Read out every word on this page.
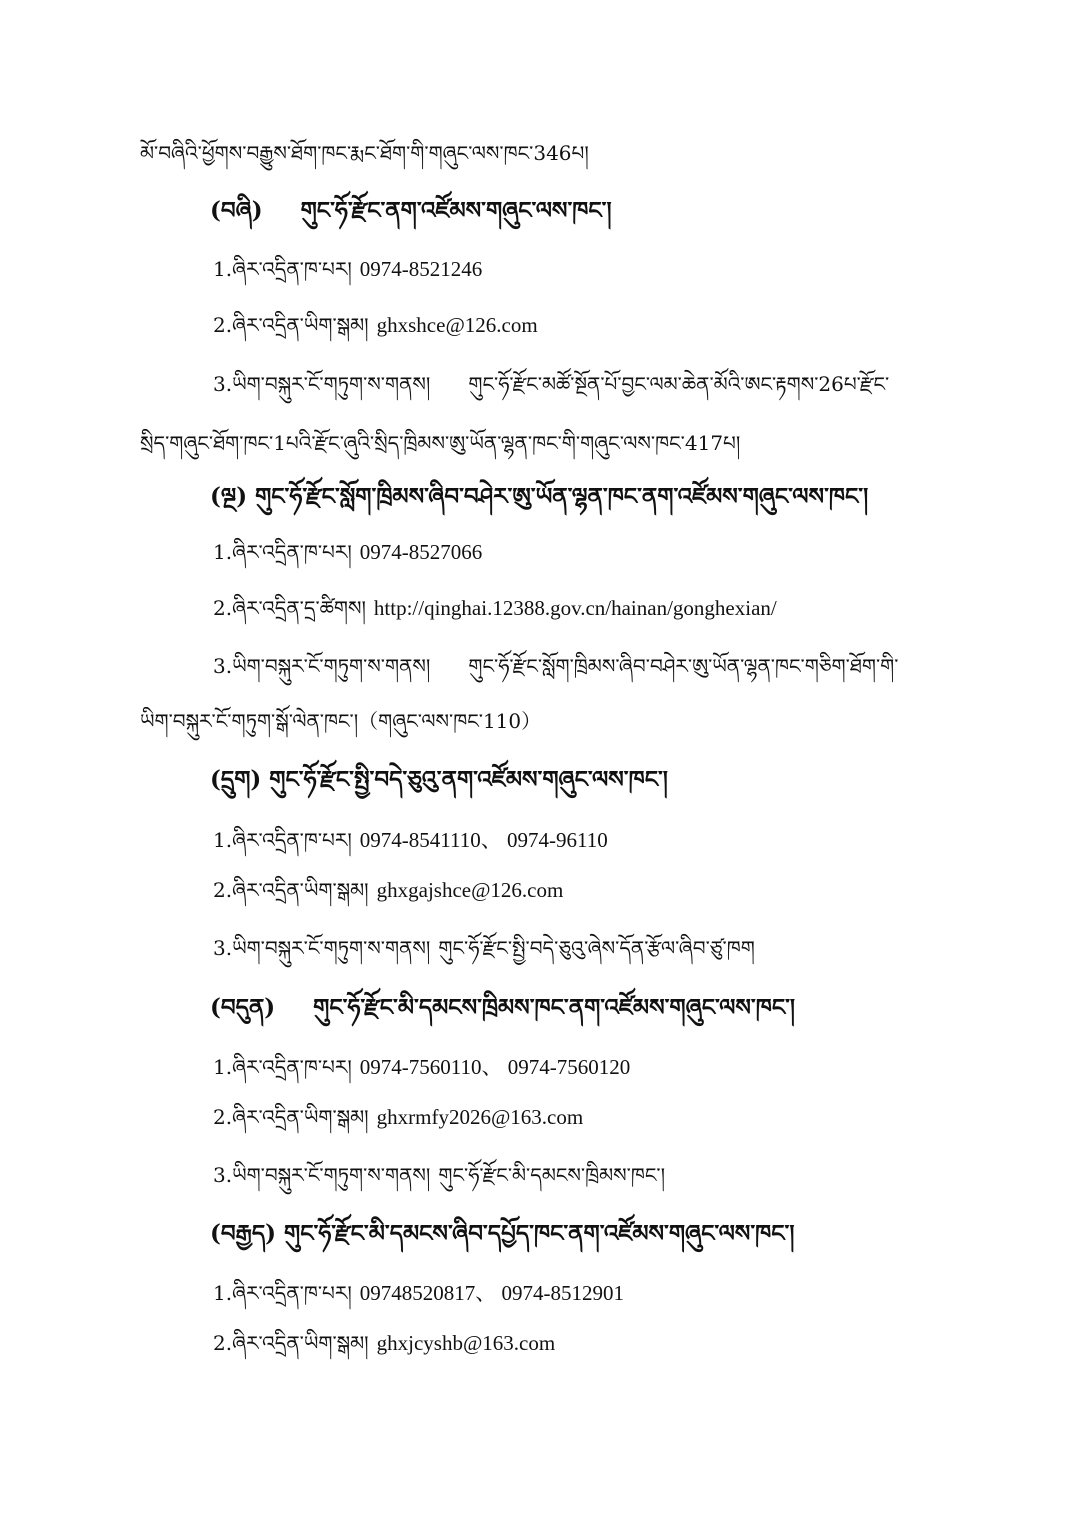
མོ་བཞིའི་ཕྱོགས་བརྒྱུས་ཐོག་ཁང་རྨང་ཐོག་གི་གཞུང་ལས་ཁང་346པ།
(བཞི) གུང་ཧོ་རྫོང་ནག་འཛོམས་གཞུང་ལས་ཁང་།
1.ཞིར་འདྲིན་ཁ་པར། 0974-8521246
2.ཞིར་འདྲིན་ཡིག་སྒམ། ghxshce@126.com
3.ཡིག་བསྐུར་ངོ་གཏུག་ས་གནས། གུང་ཧོ་རྫོང་མཚོ་སྔོན་པོ་བྱང་ལམ་ཆེན་མོའི་ཨང་རྟགས་26པ་རྫོང་
སྲིད་གཞུང་ཐོག་ཁང་1པའི་རྫོང་ཞུའི་སྲིད་ཁྲིམས་ཨུ་ཡོན་ལྷན་ཁང་གི་གཞུང་ལས་ཁང་417པ།
(ལྔ) གུང་ཧོ་རྫོང་སློག་ཁྲིམས་ཞིབ་བཤེར་ཨུ་ཡོན་ལྷན་ཁང་ནག་འཛོམས་གཞུང་ལས་ཁང་།
1.ཞིར་འདྲིན་ཁ་པར། 0974-8527066
2.ཞིར་འདྲིན་དྲ་ཚིགས། http://qinghai.12388.gov.cn/hainan/gonghexian/
3.ཡིག་བསྐུར་ངོ་གཏུག་ས་གནས། གུང་ཧོ་རྫོང་སློག་ཁྲིམས་ཞིབ་བཤེར་ཨུ་ཡོན་ལྷན་ཁང་གཅིག་ཐོག་གི་
ཡིག་བསྐུར་ངོ་གཏུག་སྒོ་ལེན་ཁང་།（གཞུང་ལས་ཁང་110）
(དྲུག) གུང་ཧོ་རྫོང་སྤྱི་བདེ་ཅུའུ་ནག་འཛོམས་གཞུང་ལས་ཁང་།
1.ཞིར་འདྲིན་ཁ་པར། 0974-8541110、 0974-96110
2.ཞིར་འདྲིན་ཡིག་སྒམ། ghxgajshce@126.com
3.ཡིག་བསྐུར་ངོ་གཏུག་ས་གནས། གུང་ཧོ་རྫོང་སྤྱི་བདེ་ཅུའུ་ཞེས་དོན་རྩོལ་ཞིབ་ཙུ་ཁག
(བདུན) གུང་ཧོ་རྫོང་མི་དམངས་ཁྲིམས་ཁང་ནག་འཛོམས་གཞུང་ལས་ཁང་།
1.ཞིར་འདྲིན་ཁ་པར། 0974-7560110、 0974-7560120
2.ཞིར་འདྲིན་ཡིག་སྒམ། ghxrmfy2026@163.com
3.ཡིག་བསྐུར་ངོ་གཏུག་ས་གནས། གུང་ཧོ་རྫོང་མི་དམངས་ཁྲིམས་ཁང་།
(བརྒྱད) གུང་ཧོ་རྫོང་མི་དམངས་ཞིབ་དཔྱོད་ཁང་ནག་འཛོམས་གཞུང་ལས་ཁང་།
1.ཞིར་འདྲིན་ཁ་པར། 09748520817、 0974-8512901
2.ཞིར་འདྲིན་ཡིག་སྒམ། ghxjcyshb@163.com
